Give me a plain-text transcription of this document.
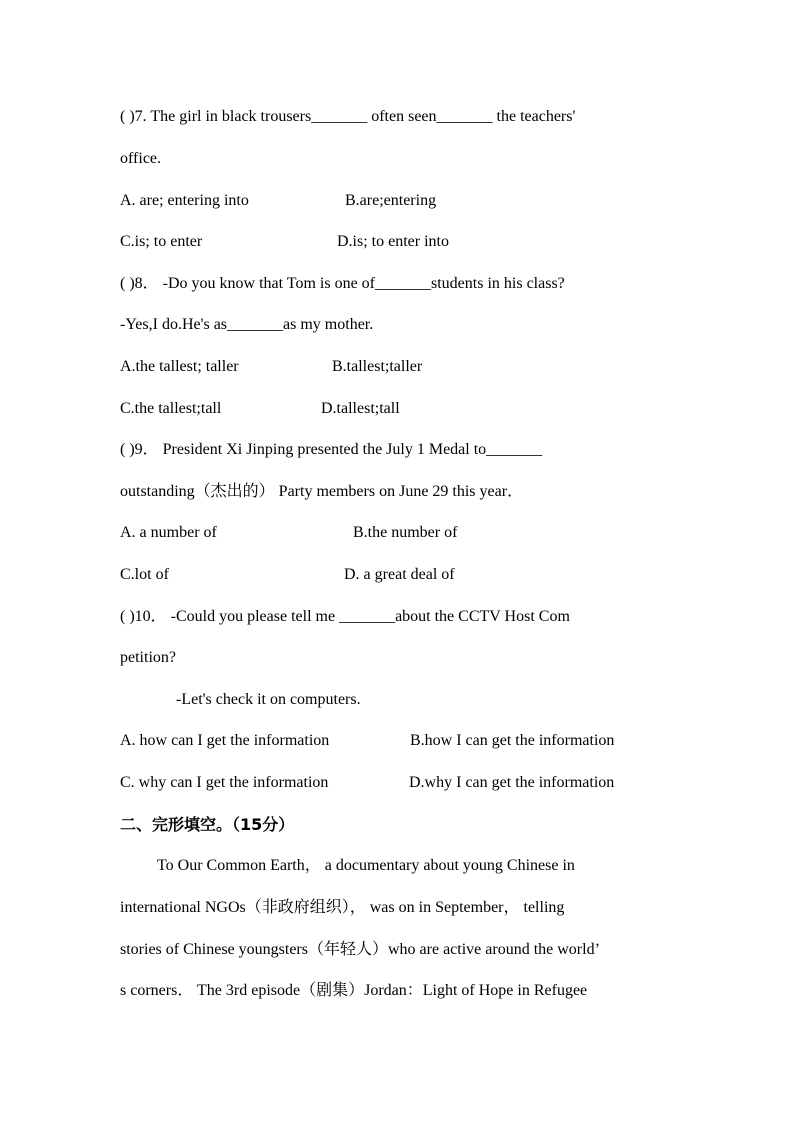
( )7. The girl in black trousers_______ often seen_______ the teachers'
office.
A. are; entering into	B.are;entering
C.is; to enter	D.is; to enter into
( )8． -Do you know that Tom is one of_______students in his class?
-Yes,I do.He's as_______as my mother.
A.the tallest; taller	B.tallest;taller
C.the tallest;tall	D.tallest;tall
( )9． President Xi Jinping presented the July 1 Medal to_______
outstanding（杰出的） Party members on June 29 this year．
A. a number of	B.the number of
C.lot of	D. a great deal of
( )10． -Could you please tell me _______about the CCTV Host Com
petition?
-Let's check it on computers.
A. how can I get the information	B.how I can get the information
C. why can I get the information	D.why I can get the information
二、完形填空。（15分）
To Our Common Earth， a documentary about young Chinese in
international NGOs（非政府组织）， was on in September， telling
stories of Chinese youngsters（年轻人）who are active around the world’
s corners． The 3rd episode（剧集）Jordan：Light of Hope in Refugee
